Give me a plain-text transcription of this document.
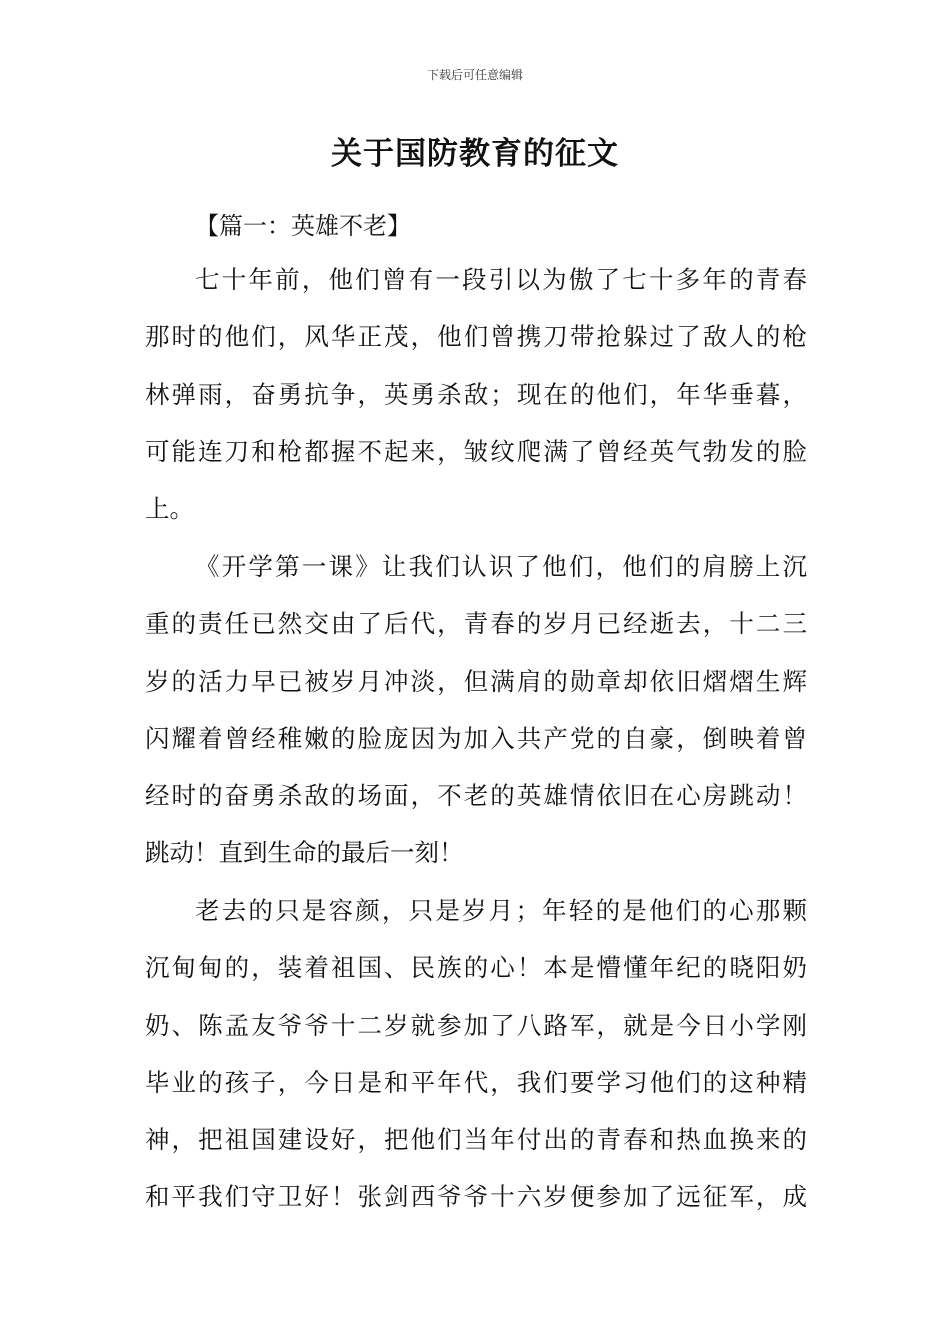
下载后可任意编辑
关于国防教育的征文
【篇一：英雄不老】
七十年前，他们曾有一段引以为傲了七十多年的青春
那时的他们，风华正茂，他们曾携刀带抢躲过了敌人的枪
林弹雨，奋勇抗争，英勇杀敌；现在的他们，年华垂暮，
可能连刀和枪都握不起来，皱纹爬满了曾经英气勃发的脸
上。
《开学第一课》让我们认识了他们，他们的肩膀上沉
重的责任已然交由了后代，青春的岁月已经逝去，十二三
岁的活力早已被岁月冲淡，但满肩的勋章却依旧熠熠生辉
闪耀着曾经稚嫩的脸庞因为加入共产党的自豪，倒映着曾
经时的奋勇杀敌的场面，不老的英雄情依旧在心房跳动！
跳动！直到生命的最后一刻！
老去的只是容颜，只是岁月；年轻的是他们的心那颗
沉甸甸的，装着祖国、民族的心！本是懵懂年纪的晓阳奶
奶、陈孟友爷爷十二岁就参加了八路军，就是今日小学刚
毕业的孩子，今日是和平年代，我们要学习他们的这种精
神，把祖国建设好，把他们当年付出的青春和热血换来的
和平我们守卫好！张剑西爷爷十六岁便参加了远征军，成
